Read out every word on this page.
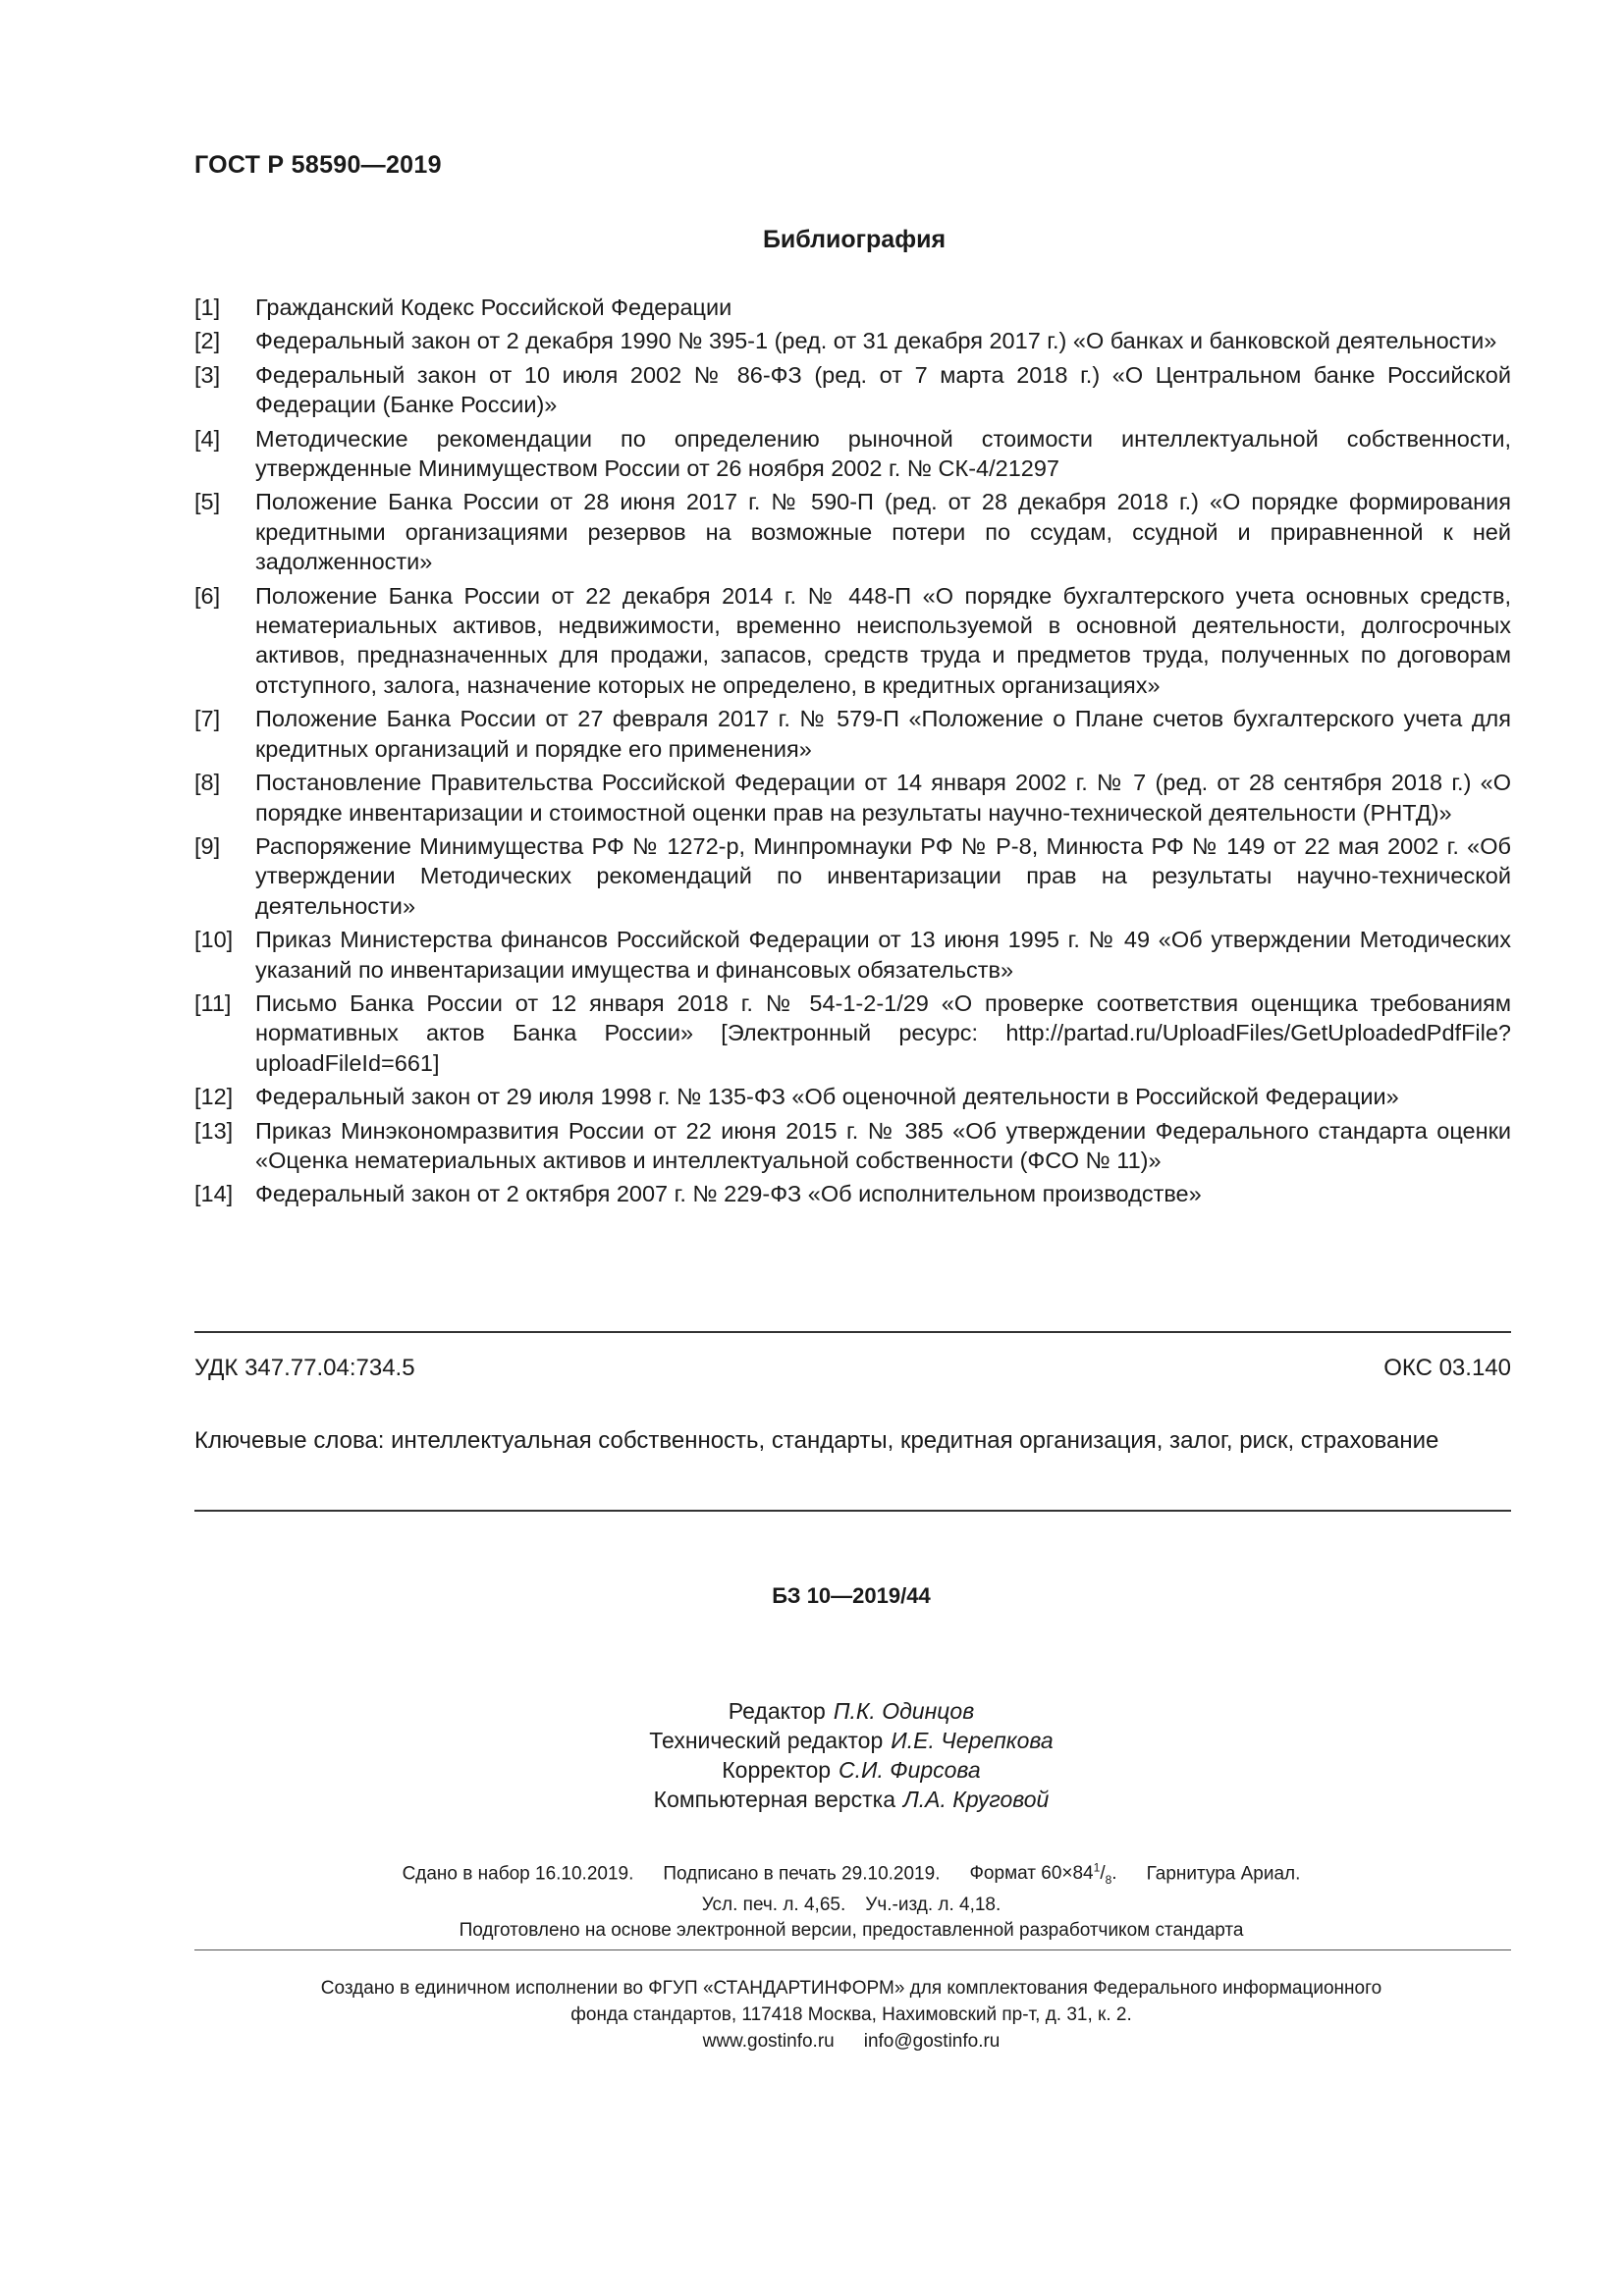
ГОСТ Р 58590—2019
Библиография
[1]	Гражданский Кодекс Российской Федерации
[2]	Федеральный закон от 2 декабря 1990 № 395-1 (ред. от 31 декабря 2017 г.) «О банках и банковской деятельности»
[3]	Федеральный закон от 10 июля 2002 № 86-ФЗ (ред. от 7 марта 2018 г.) «О Центральном банке Российской Федерации (Банке России)»
[4]	Методические рекомендации по определению рыночной стоимости интеллектуальной собственности, утвержденные Минимуществом России от 26 ноября 2002 г. № СК-4/21297
[5]	Положение Банка России от 28 июня 2017 г. № 590-П (ред. от 28 декабря 2018 г.) «О порядке формирования кредитными организациями резервов на возможные потери по ссудам, ссудной и приравненной к ней задолженности»
[6]	Положение Банка России от 22 декабря 2014 г. № 448-П «О порядке бухгалтерского учета основных средств, нематериальных активов, недвижимости, временно неиспользуемой в основной деятельности, долгосрочных активов, предназначенных для продажи, запасов, средств труда и предметов труда, полученных по договорам отступного, залога, назначение которых не определено, в кредитных организациях»
[7]	Положение Банка России от 27 февраля 2017 г. № 579-П «Положение о Плане счетов бухгалтерского учета для кредитных организаций и порядке его применения»
[8]	Постановление Правительства Российской Федерации от 14 января 2002 г. № 7 (ред. от 28 сентября 2018 г.) «О порядке инвентаризации и стоимостной оценки прав на результаты научно-технической деятельности (РНТД)»
[9]	Распоряжение Минимущества РФ № 1272-р, Минпромнауки РФ № Р-8, Минюста РФ № 149 от 22 мая 2002 г. «Об утверждении Методических рекомендаций по инвентаризации прав на результаты научно-технической деятельности»
[10] Приказ Министерства финансов Российской Федерации от 13 июня 1995 г. № 49 «Об утверждении Методических указаний по инвентаризации имущества и финансовых обязательств»
[11]	Письмо Банка России от 12 января 2018 г. № 54-1-2-1/29 «О проверке соответствия оценщика требованиям нормативных актов Банка России» [Электронный ресурс: http://partad.ru/UploadFiles/GetUploadedPdfFile?uploadFileId=661]
[12] Федеральный закон от 29 июля 1998 г. № 135-ФЗ «Об оценочной деятельности в Российской Федерации»
[13] Приказ Минэкономразвития России от 22 июня 2015 г. № 385 «Об утверждении Федерального стандарта оценки «Оценка нематериальных активов и интеллектуальной собственности (ФСО № 11)»
[14] Федеральный закон от 2 октября 2007 г. № 229-ФЗ «Об исполнительном производстве»
УДК 347.77.04:734.5	ОКС 03.140
Ключевые слова: интеллектуальная собственность, стандарты, кредитная организация, залог, риск, страхование
БЗ 10—2019/44
Редактор П.К. Одинцов
Технический редактор И.Е. Черепкова
Корректор С.И. Фирсова
Компьютерная верстка Л.А. Круговой
Сдано в набор 16.10.2019. Подписано в печать 29.10.2019. Формат $60\times 84^1/_8$. Гарнитура Ариал.
Усл. печ. л. 4,65. Уч.-изд. л. 4,18.
Подготовлено на основе электронной версии, предоставленной разработчиком стандарта
Создано в единичном исполнении во ФГУП «СТАНДАРТИНФОРМ» для комплектования Федерального информационного
фонда стандартов, 117418 Москва, Нахимовский пр-т, д. 31, к. 2.
www.gostinfo.ru info@gostinfo.ru
